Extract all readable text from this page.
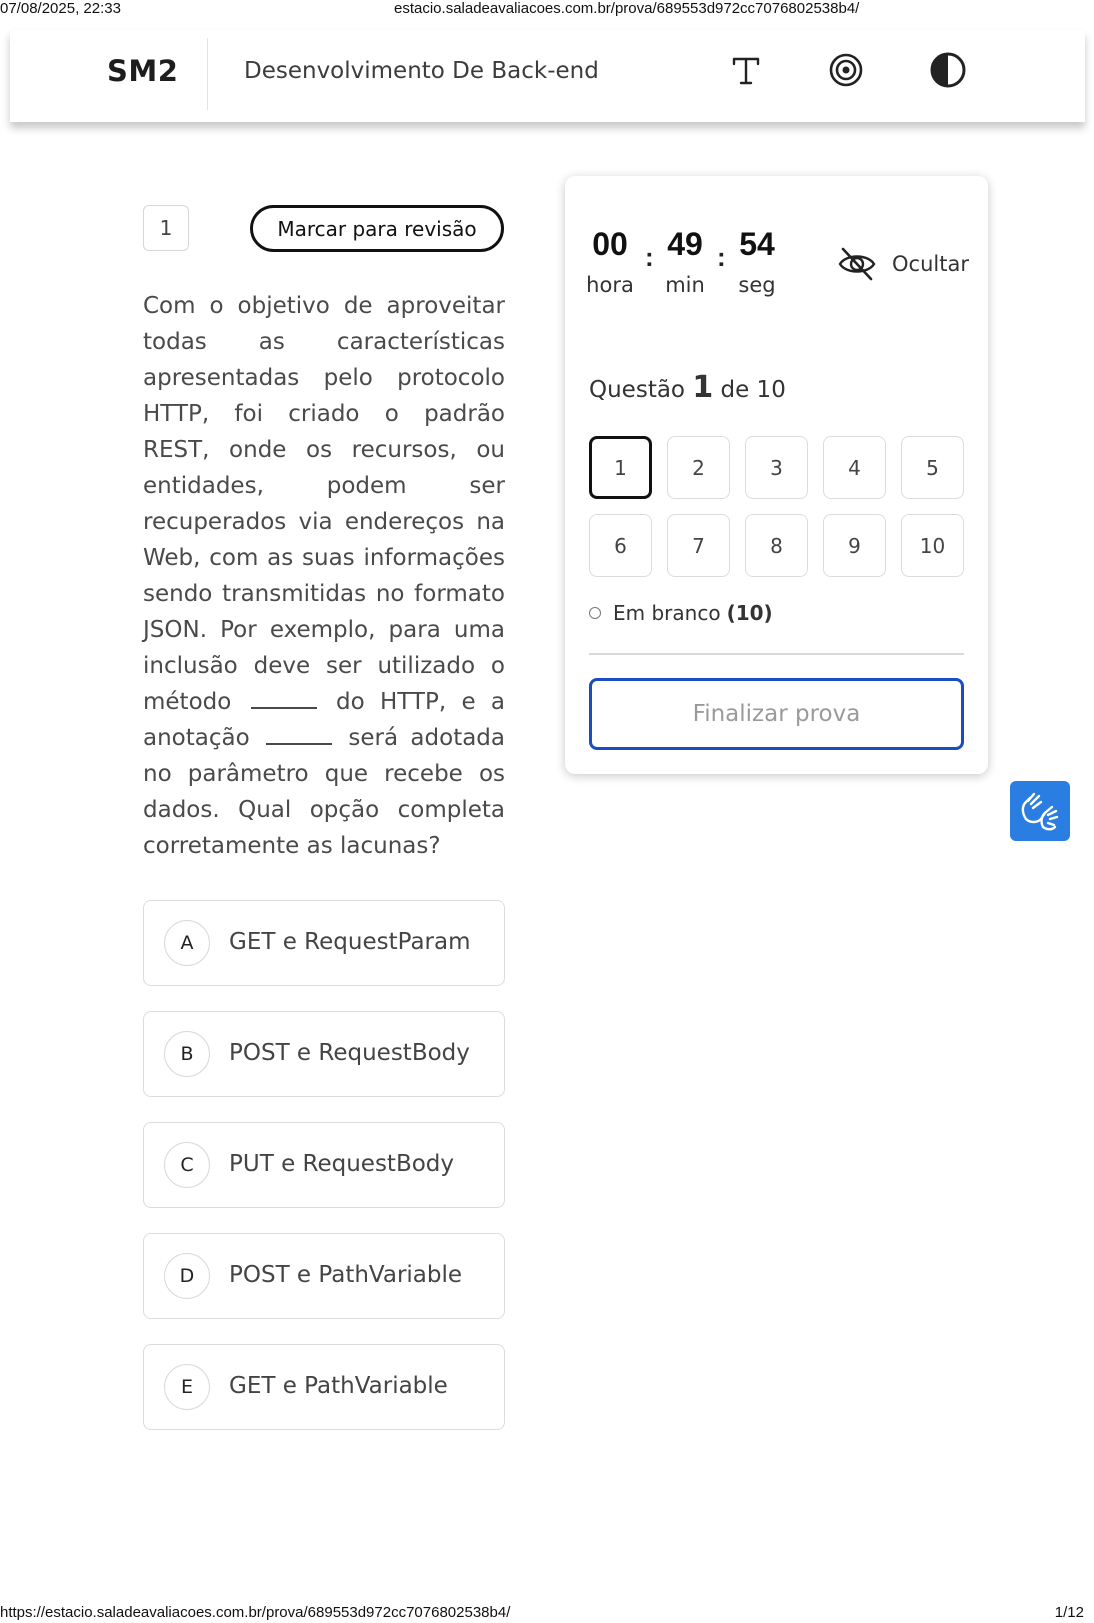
07/08/2025, 22:33	estacio.saladeavaliacoes.com.br/prova/689553d972cc7076802538b4/
https://estacio.saladeavaliacoes.com.br/prova/689553d972cc7076802538b4/	1/12
SM2	Desenvolvimento De Back-end
1	Marcar para revisão

Com o objetivo de aproveitar todas as características apresentadas pelo protocolo HTTP, foi criado o padrão REST, onde os recursos, ou entidades, podem ser recuperados via endereços na Web, com as suas informações sendo transmitidas no formato JSON. Por exemplo, para uma inclusão deve ser utilizado o método	do HTTP, e a anotação	será adotada no parâmetro que recebe os dados. Qual opção completa corretamente as lacunas?

A	GET e RequestParam
B	POST e RequestBody
C	PUT e RequestBody
D	POST e PathVariable
E	GET e PathVariable
00 : 49 : 54
hora	min	seg
Ocultar
Questão 1 de 10
1	2	3	4	5
6	7	8	9	10
Em branco (10)
Finalizar prova
